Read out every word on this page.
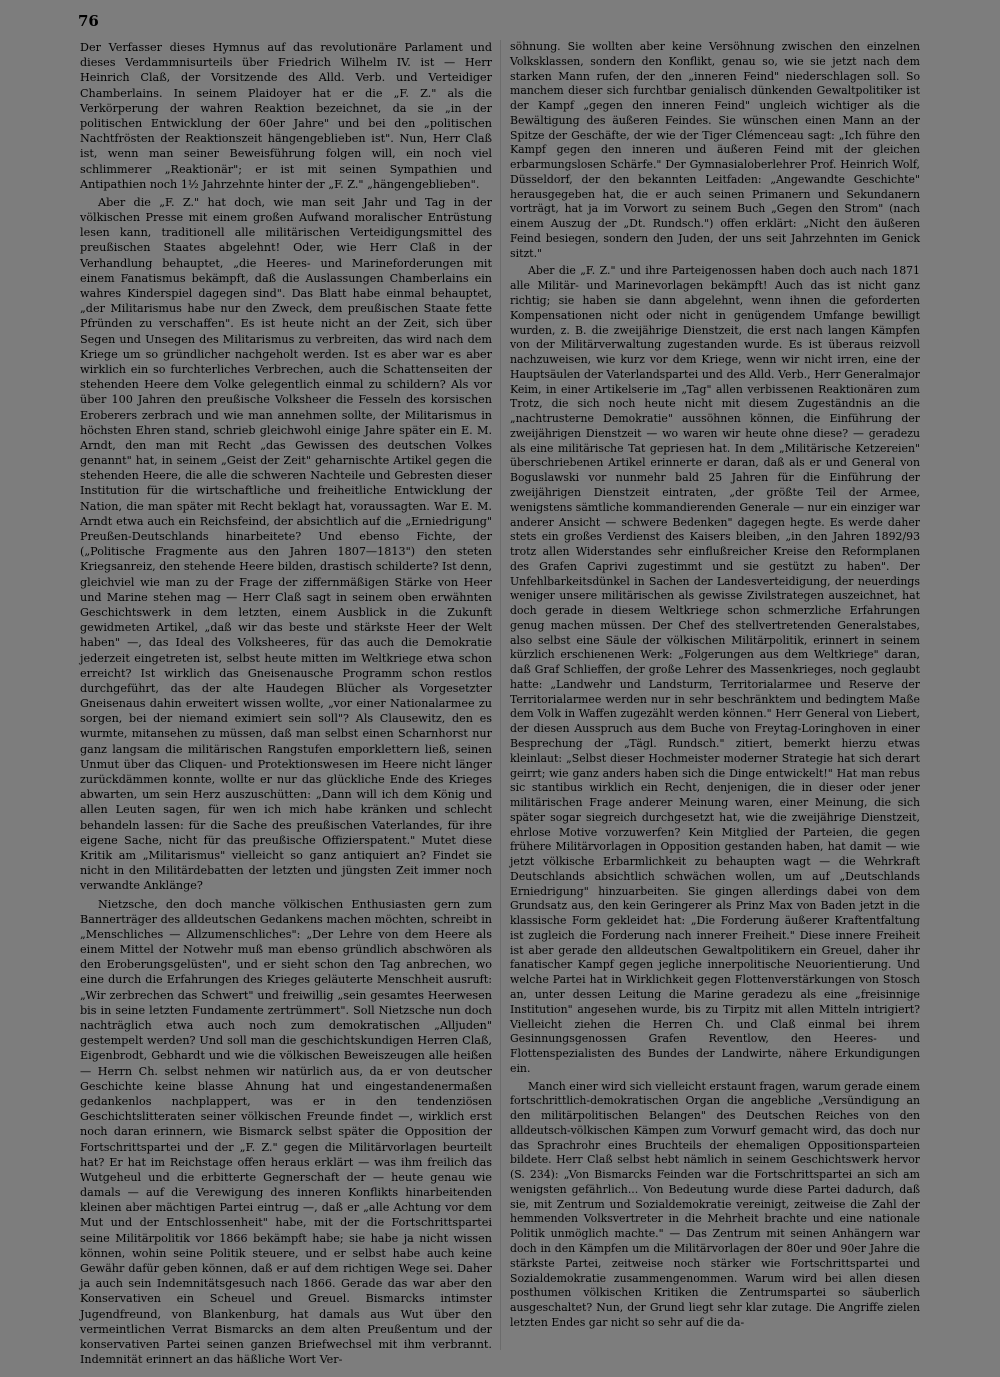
76

Der Verfasser dieses Hymnus auf das revolutionäre Parlament und dieses Verdammnisurteils über Friedrich Wilhelm IV. ist — Herr Heinrich Claß, der Vorsitzende des Alld. Verb. und Verteidiger Chamberlains. In seinem Plaidoyer hat er die „F. Z." als die Verkörperung der wahren Reaktion bezeichnet, da sie „in der politischen Entwicklung der 60er Jahre" und bei den „politischen Nachtfrösten der Reaktionszeit hängengeblieben ist". Nun, Herr Claß ist, wenn man seiner Beweisführung folgen will, ein noch viel schlimmerer „Reaktionär"; er ist mit seinen Sympathien und Antipathien noch 1½ Jahrzehnte hinter der „F. Z." „hängengeblieben".

Aber die „F. Z." hat doch, wie man seit Jahr und Tag in der völkischen Presse mit einem großen Aufwand moralischer Entrüstung lesen kann, traditionell alle militärischen Verteidigungsmittel des preußischen Staates abgelehnt! Oder, wie Herr Claß in der Verhandlung behauptet, „die Heeres- und Marineforderungen mit einem Fanatismus bekämpft, daß die Auslassungen Chamberlains ein wahres Kinderspiel dagegen sind". Das Blatt habe einmal behauptet, „der Militarismus habe nur den Zweck, dem preußischen Staate fette Pfründen zu verschaffen". Es ist heute nicht an der Zeit, sich über Segen und Unsegen des Militarismus zu verbreiten, das wird nach dem Kriege um so gründlicher nachgeholt werden. Ist es aber war es aber wirklich ein so furchterliches Verbrechen, auch die Schattenseiten der stehenden Heere dem Volke gelegentlich einmal zu schildern? Als vor über 100 Jahren den preußische Volksheer die Fesseln des korsischen Eroberers zerbrach und wie man annehmen sollte, der Militarismus in höchsten Ehren stand, schrieb gleichwohl einige Jahre später ein E. M. Arndt, den man mit Recht „das Gewissen des deutschen Volkes genannt" hat, in seinem „Geist der Zeit" geharnischte Artikel gegen die stehenden Heere, die alle die schweren Nachteile und Gebresten dieser Institution für die wirtschaftliche und freiheitliche Entwicklung der Nation, die man später mit Recht beklagt hat, voraussagten. War E. M. Arndt etwa auch ein Reichsfeind, der absichtlich auf die „Erniedrigung" Preußen-Deutschlands hinarbeitete? Und ebenso Fichte, der („Politische Fragmente aus den Jahren 1807—1813") den steten Kriegsanreiz, den stehende Heere bilden, drastisch schilderte? Ist denn, gleichviel wie man zu der Frage der ziffernmäßigen Stärke von Heer und Marine stehen mag — Herr Claß sagt in seinem oben erwähnten Geschichtswerk in dem letzten, einem Ausblick in die Zukunft gewidmeten Artikel, „daß wir das beste und stärkste Heer der Welt haben" —, das Ideal des Volksheeres, für das auch die Demokratie jederzeit eingetreten ist, selbst heute mitten im Weltkriege etwa schon erreicht? Ist wirklich das Gneisenausche Programm schon restlos durchgeführt, das der alte Haudegen Blücher als Vorgesetzter Gneisenaus dahin erweitert wissen wollte, „vor einer Nationalarmee zu sorgen, bei der niemand eximiert sein soll"? Als Clausewitz, den es wurmte, mitansehen zu müssen, daß man selbst einen Scharnhorst nur ganz langsam die militärischen Rangstufen emporklettern ließ, seinen Unmut über das Cliquen- und Protektionswesen im Heere nicht länger zurückdämmen konnte, wollte er nur das glückliche Ende des Krieges abwarten, um sein Herz auszuschütten: „Dann will ich dem König und allen Leuten sagen, für wen ich mich habe kränken und schlecht behandeln lassen: für die Sache des preußischen Vaterlandes, für ihre eigene Sache, nicht für das preußische Offizierspatent." Mutet diese Kritik am „Militarismus" vielleicht so ganz antiquiert an? Findet sie nicht in den Militärdebatten der letzten und jüngsten Zeit immer noch verwandte Anklänge?

Nietzsche, den doch manche völkischen Enthusiasten gern zum Bannerträger des alldeutschen Gedankens machen möchten, schreibt in „Menschliches — Allzumenschliches": „Der Lehre von dem Heere als einem Mittel der Notwehr muß man ebenso gründlich abschwören als den Eroberungsgelüsten", und er sieht schon den Tag anbrechen, wo eine durch die Erfahrungen des Krieges geläuterte Menschheit ausruft: „Wir zerbrechen das Schwert" und freiwillig „sein gesamtes Heerwesen bis in seine letzten Fundamente zertrümmert". Soll Nietzsche nun doch nachträglich etwa auch noch zum demokratischen „Alljuden" gestempelt werden? Und soll man die geschichtskundigen Herren Claß, Eigenbrodt, Gebhardt und wie die völkischen Beweiszeugen alle heißen — Herrn Ch. selbst nehmen wir natürlich aus, da er von deutscher Geschichte keine blasse Ahnung hat und eingestandenermaßen gedankenlos nachplappert, was er in den tendenziösen Geschichtslitteraten seiner völkischen Freunde findet —, wirklich erst noch daran erinnern, wie Bismarck selbst später die Opposition der Fortschrittspartei und der „F. Z." gegen die Militärvorlagen beurteilt hat? Er hat im Reichstage offen heraus erklärt — was ihm freilich das Wutgeheul und die erbitterte Gegnerschaft der — heute genau wie damals — auf die Verewigung des inneren Konflikts hinarbeitenden kleinen aber mächtigen Partei eintrug —, daß er „alle Achtung vor dem Mut und der Entschlossenheit" habe, mit der die Fortschrittspartei seine Militärpolitik vor 1866 bekämpft habe; sie habe ja nicht wissen können, wohin seine Politik steuere, und er selbst habe auch keine Gewähr dafür geben können, daß er auf dem richtigen Wege sei. Daher ja auch sein Indemnitätsgesuch nach 1866. Gerade das war aber den Konservativen ein Scheuel und Greuel. Bismarcks intimster Jugendfreund, von Blankenburg, hat damals aus Wut über den vermeintlichen Verrat Bismarcks an dem alten Preußentum und der konservativen Partei seinen ganzen Briefwechsel mit ihm verbrannt. Indemnität erinnert an das häßliche Wort Ver-

söhnung. Sie wollten aber keine Versöhnung zwischen den einzelnen Volksklassen, sondern den Konflikt, genau so, wie sie jetzt nach dem starken Mann rufen, der den „inneren Feind" niederschlagen soll. So manchem dieser sich furchtbar genialisch dünkenden Gewaltpolitiker ist der Kampf „gegen den inneren Feind" ungleich wichtiger als die Bewältigung des äußeren Feindes. Sie wünschen einen Mann an der Spitze der Geschäfte, der wie der Tiger Clémenceau sagt: „Ich führe den Kampf gegen den inneren und äußeren Feind mit der gleichen erbarmungslosen Schärfe." Der Gymnasialoberlehrer Prof. Heinrich Wolf, Düsseldorf, der den bekannten Leitfaden: „Angewandte Geschichte" herausgegeben hat, die er auch seinen Primanern und Sekundanern vorträgt, hat ja im Vorwort zu seinem Buch „Gegen den Strom" (nach einem Auszug der „Dt. Rundsch.") offen erklärt: „Nicht den äußeren Feind besiegen, sondern den Juden, der uns seit Jahrzehnten im Genick sitzt."

Aber die „F. Z." und ihre Parteigenossen haben doch auch nach 1871 alle Militär- und Marinevorlagen bekämpft! Auch das ist nicht ganz richtig; sie haben sie dann abgelehnt, wenn ihnen die geforderten Kompensationen nicht oder nicht in genügendem Umfange bewilligt wurden, z. B. die zweijährige Dienstzeit, die erst nach langen Kämpfen von der Militärverwaltung zugestanden wurde. Es ist überaus reizvoll nachzuweisen, wie kurz vor dem Kriege, wenn wir nicht irren, eine der Hauptsäulen der Vaterlandspartei und des Alld. Verb., Herr Generalmajor Keim, in einer Artikelserie im „Tag" allen verbissenen Reaktionären zum Trotz, die sich noch heute nicht mit diesem Zugeständnis an die „nachtrusterne Demokratie" aussöhnen können, die Einführung der zweijährigen Dienstzeit — wo waren wir heute ohne diese? — geradezu als eine militärische Tat gepriesen hat. In dem „Militärische Ketzereien" überschriebenen Artikel erinnerte er daran, daß als er und General von Boguslawski vor nunmehr bald 25 Jahren für die Einführung der zweijährigen Dienstzeit eintraten, „der größte Teil der Armee, wenigstens sämtliche kommandierenden Generale — nur ein einziger war anderer Ansicht — schwere Bedenken" dagegen hegte. Es werde daher stets ein großes Verdienst des Kaisers bleiben, „in den Jahren 1892/93 trotz allen Widerstandes sehr einflußreicher Kreise den Reformplanen des Grafen Caprivi zugestimmt und sie gestützt zu haben". Der Unfehlbarkeitsdünkel in Sachen der Landesverteidigung, der neuerdings weniger unsere militärischen als gewisse Zivilstrategen auszeichnet, hat doch gerade in diesem Weltkriege schon schmerzliche Erfahrungen genug machen müssen. Der Chef des stellvertretenden Generalstabes, also selbst eine Säule der völkischen Militärpolitik, erinnert in seinem kürzlich erschienenen Werk: „Folgerungen aus dem Weltkriege" daran, daß Graf Schlieffen, der große Lehrer des Massenkrieges, noch geglaubt hatte: „Landwehr und Landsturm, Territorialarmee und Reserve der Territorialarmee werden nur in sehr beschränktem und bedingtem Maße dem Volk in Waffen zugezählt werden können." Herr General von Liebert, der diesen Ausspruch aus dem Buche von Freytag-Loringhoven in einer Besprechung der „Tägl. Rundsch." zitiert, bemerkt hierzu etwas kleinlaut: „Selbst dieser Hochmeister moderner Strategie hat sich derart geirrt; wie ganz anders haben sich die Dinge entwickelt!" Hat man rebus sic stantibus wirklich ein Recht, denjenigen, die in dieser oder jener militärischen Frage anderer Meinung waren, einer Meinung, die sich später sogar siegreich durchgesetzt hat, wie die zweijährige Dienstzeit, ehrlose Motive vorzuwerfen? Kein Mitglied der Parteien, die gegen frühere Militärvorlagen in Opposition gestanden haben, hat damit — wie jetzt völkische Erbarmlichkeit zu behaupten wagt — die Wehrkraft Deutschlands absichtlich schwächen wollen, um auf „Deutschlands Erniedrigung" hinzuarbeiten. Sie gingen allerdings dabei von dem Grundsatz aus, den kein Geringerer als Prinz Max von Baden jetzt in die klassische Form gekleidet hat: „Die Forderung äußerer Kraftentfaltung ist zugleich die Forderung nach innerer Freiheit." Diese innere Freiheit ist aber gerade den alldeutschen Gewaltpolitikern ein Greuel, daher ihr fanatischer Kampf gegen jegliche innerpolitische Neuorientierung. Und welche Partei hat in Wirklichkeit gegen Flottenverstärkungen von Stosch an, unter dessen Leitung die Marine geradezu als eine „freisinnige Institution" angesehen wurde, bis zu Tirpitz mit allen Mitteln intrigiert? Vielleicht ziehen die Herren Ch. und Claß einmal bei ihrem Gesinnungsgenossen Grafen Reventlow, den Heeres- und Flottenspezialisten des Bundes der Landwirte, nähere Erkundigungen ein.

Manch einer wird sich vielleicht erstaunt fragen, warum gerade einem fortschrittlich-demokratischen Organ die angebliche „Versündigung an den militärpolitischen Belangen" des Deutschen Reiches von den alldeutsch-völkischen Kämpen zum Vorwurf gemacht wird, das doch nur das Sprachrohr eines Bruchteils der ehemaligen Oppositionsparteien bildete. Herr Claß selbst hebt nämlich in seinem Geschichtswerk hervor (S. 234): „Von Bismarcks Feinden war die Fortschrittspartei an sich am wenigsten gefährlich... Von Bedeutung wurde diese Partei dadurch, daß sie, mit Zentrum und Sozialdemokratie vereinigt, zeitweise die Zahl der hemmenden Volksvertreter in die Mehrheit brachte und eine nationale Politik unmöglich machte." — Das Zentrum mit seinen Anhängern war doch in den Kämpfen um die Militärvorlagen der 80er und 90er Jahre die stärkste Partei, zeitweise noch stärker wie Fortschrittspartei und Sozialdemokratie zusammengenommen. Warum wird bei allen diesen posthumen völkischen Kritiken die Zentrumspartei so säuberlich ausgeschaltet? Nun, der Grund liegt sehr klar zutage. Die Angriffe zielen letzten Endes gar nicht so sehr auf die da-
